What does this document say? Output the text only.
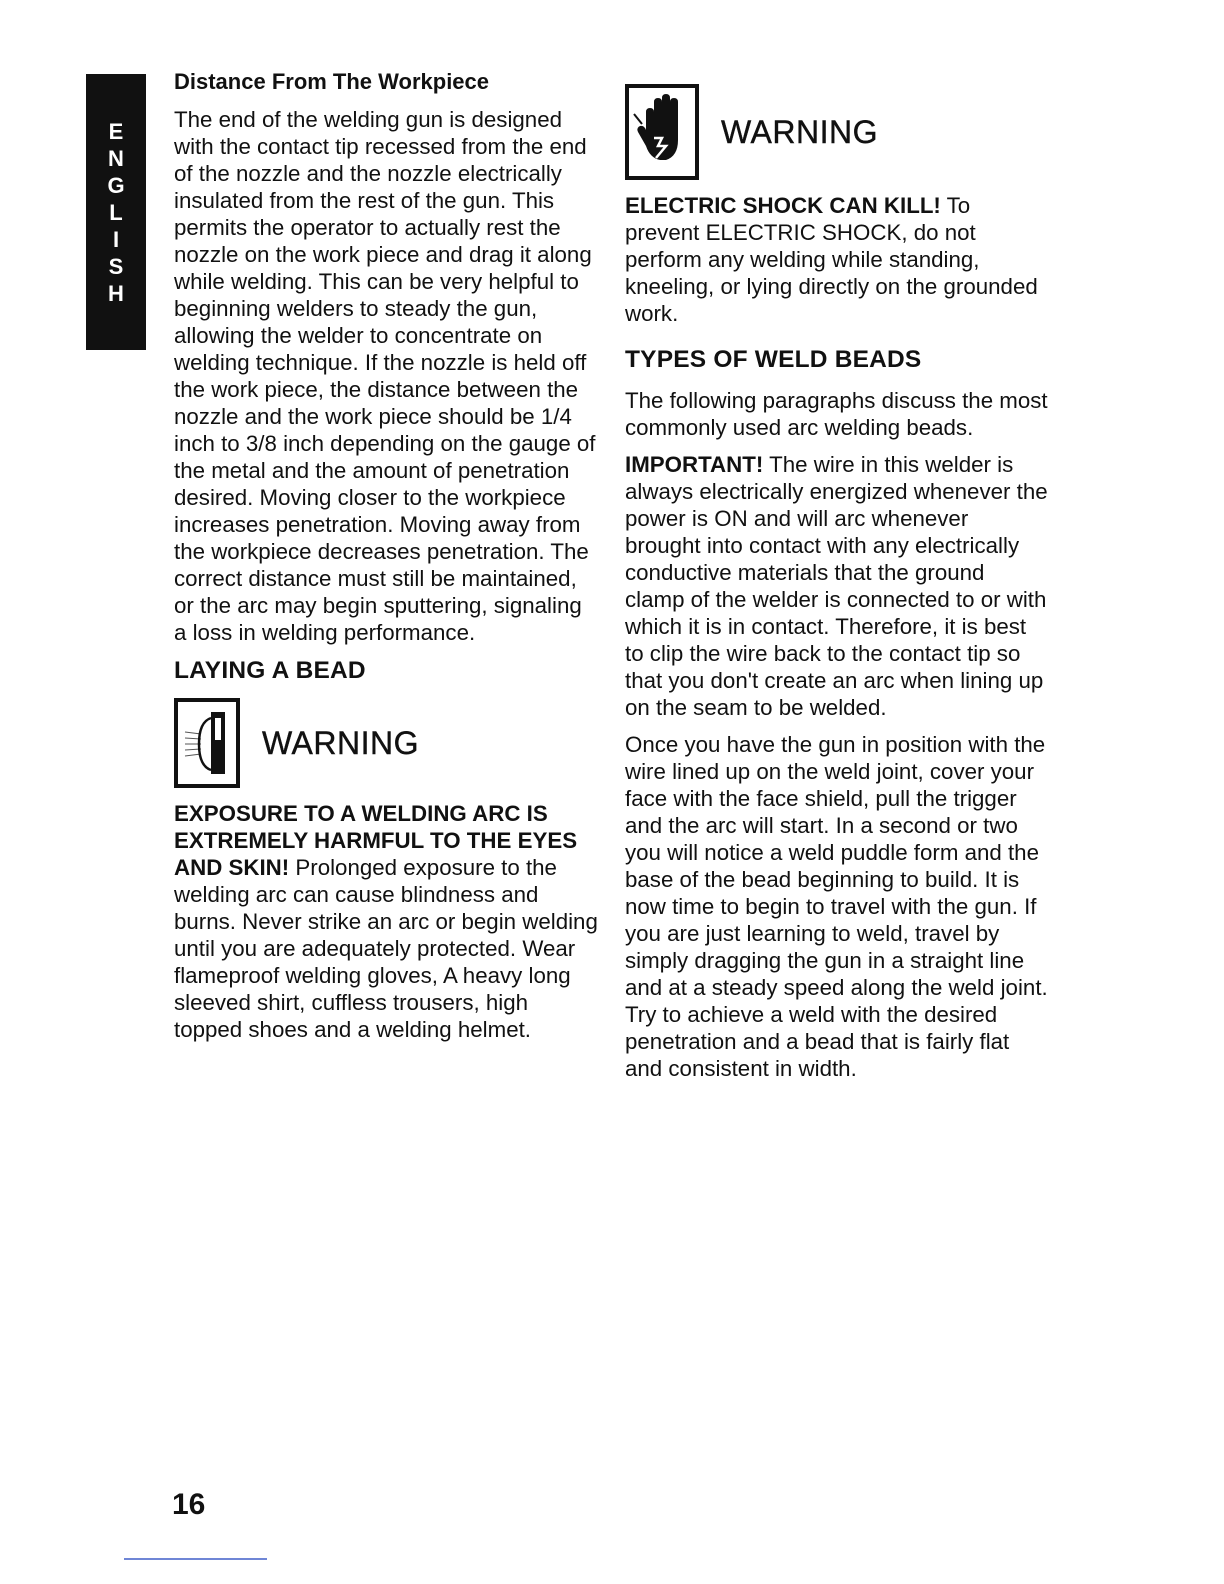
E
N
G
L
I
S
H
Distance From The Workpiece

The end of the welding gun is designed with the contact tip recessed from the end of the nozzle and the nozzle electrically insulated from the rest of the gun. This permits the operator to actually rest the nozzle on the work piece and drag it along while welding. This can be very helpful to beginning welders to steady the gun, allowing the welder to concentrate on welding technique. If the nozzle is held off the work piece, the distance between the nozzle and the work piece should be 1/4 inch to 3/8 inch depending on the gauge of the metal and the amount of penetration desired. Moving closer to the workpiece increases penetration. Moving away from the workpiece decreases penetration. The correct distance must still be maintained, or the arc may begin sputtering, signaling a loss in welding performance.

LAYING A BEAD
WARNING

EXPOSURE TO A WELDING ARC IS EXTREMELY HARMFUL TO THE EYES AND SKIN! Prolonged exposure to the welding arc can cause blindness and burns. Never strike an arc or begin welding until you are adequately protected. Wear flameproof welding gloves, A heavy long sleeved shirt, cuffless trousers, high topped shoes and a welding helmet.

WARNING

ELECTRIC SHOCK CAN KILL! To prevent ELECTRIC SHOCK, do not perform any welding while standing, kneeling, or lying directly on the grounded work.

TYPES OF WELD BEADS

The following paragraphs discuss the most commonly used arc welding beads.

IMPORTANT! The wire in this welder is always electrically energized whenever the power is ON and will arc whenever brought into contact with any electrically conductive materials that the ground clamp of the welder is connected to or with which it is in contact. Therefore, it is best to clip the wire back to the contact tip so that you don't create an arc when lining up on the seam to be welded.

Once you have the gun in position with the wire lined up on the weld joint, cover your face with the face shield, pull the trigger and the arc will start. In a second or two you will notice a weld puddle form and the base of the bead beginning to build. It is now time to begin to travel with the gun. If you are just learning to weld, travel by simply dragging the gun in a straight line and at a steady speed along the weld joint. Try to achieve a weld with the desired penetration and a bead that is fairly flat and consistent in width.

16
